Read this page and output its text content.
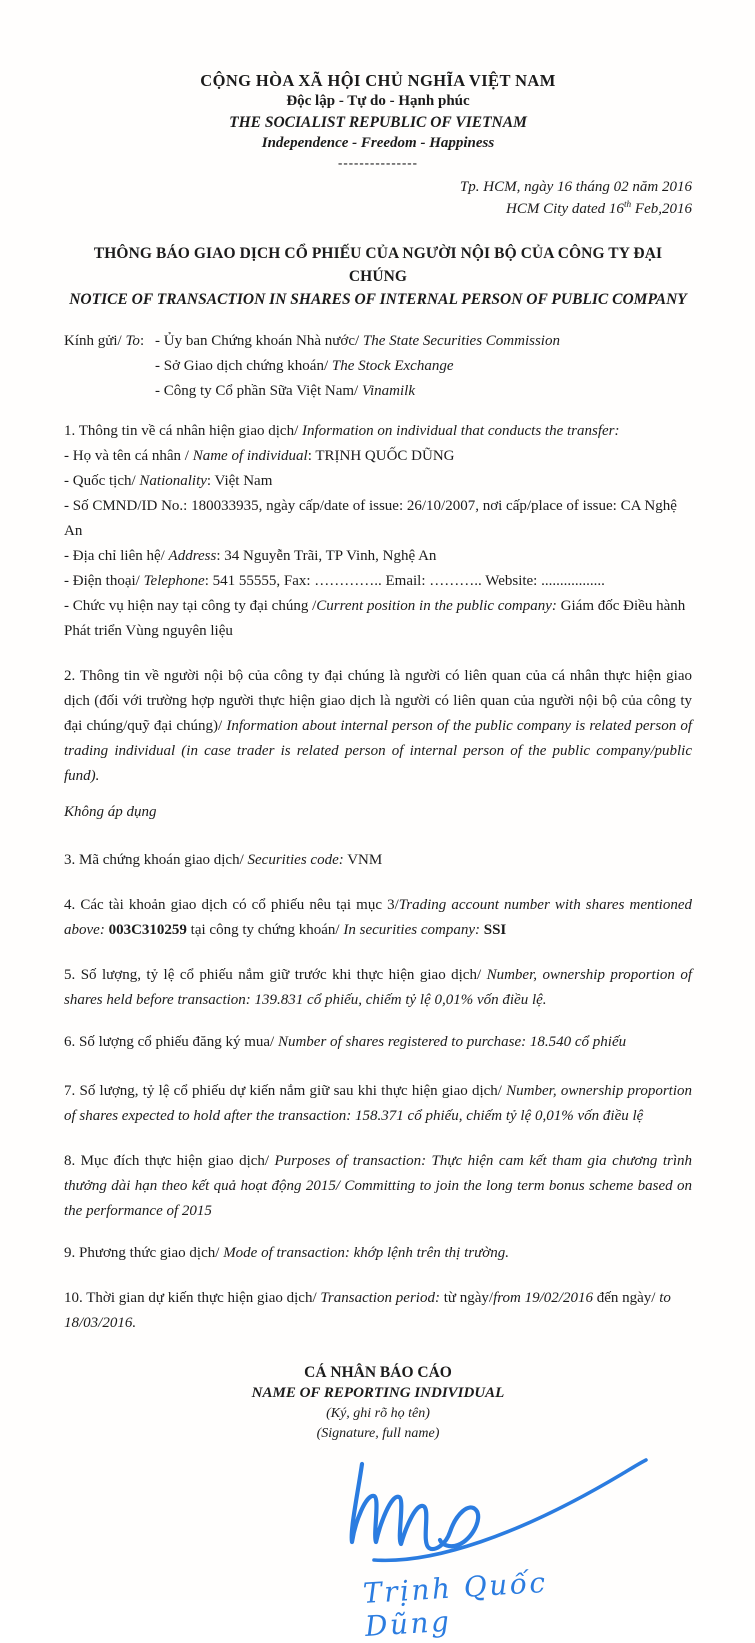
CỘNG HÒA XÃ HỘI CHỦ NGHĨA VIỆT NAM
Độc lập - Tự do - Hạnh phúc
THE SOCIALIST REPUBLIC OF VIETNAM
Independence - Freedom - Happiness
---------------
Tp. HCM, ngày 16 tháng 02 năm 2016
HCM City dated 16th Feb,2016
THÔNG BÁO GIAO DỊCH CỔ PHIẾU CỦA NGƯỜI NỘI BỘ CỦA CÔNG TY ĐẠI CHÚNG
NOTICE OF TRANSACTION IN SHARES OF INTERNAL PERSON OF PUBLIC COMPANY
Kính gửi/ To: - Ủy ban Chứng khoán Nhà nước/ The State Securities Commission
- Sở Giao dịch chứng khoán/ The Stock Exchange
- Công ty Cổ phần Sữa Việt Nam/ Vinamilk
1. Thông tin về cá nhân hiện giao dịch/ Information on individual that conducts the transfer:
- Họ và tên cá nhân / Name of individual: TRỊNH QUỐC DŨNG
- Quốc tịch/ Nationality: Việt Nam
- Số CMND/ID No.: 180033935, ngày cấp/date of issue: 26/10/2007, nơi cấp/place of issue: CA Nghệ An
- Địa chỉ liên hệ/ Address: 34 Nguyễn Trãi, TP Vinh, Nghệ An
- Điện thoại/ Telephone: 541 55555, Fax: ………….. Email: ……….. Website: .................
- Chức vụ hiện nay tại công ty đại chúng /Current position in the public company: Giám đốc Điều hành Phát triển Vùng nguyên liệu
2. Thông tin về người nội bộ của công ty đại chúng là người có liên quan của cá nhân thực hiện giao dịch (đối với trường hợp người thực hiện giao dịch là người có liên quan của người nội bộ của công ty đại chúng/quỹ đại chúng)/ Information about internal person of the public company is related person of trading individual (in case trader is related person of internal person of the public company/public fund).
Không áp dụng
3. Mã chứng khoán giao dịch/ Securities code: VNM
4. Các tài khoản giao dịch có cổ phiếu nêu tại mục 3/Trading account number with shares mentioned above: 003C310259 tại công ty chứng khoán/ In securities company: SSI
5. Số lượng, tỷ lệ cổ phiếu nắm giữ trước khi thực hiện giao dịch/ Number, ownership proportion of shares held before transaction: 139.831 cổ phiếu, chiếm tỷ lệ 0,01% vốn điều lệ.
6. Số lượng cổ phiếu đăng ký mua/ Number of shares registered to purchase: 18.540 cổ phiếu
7. Số lượng, tỷ lệ cổ phiếu dự kiến nắm giữ sau khi thực hiện giao dịch/ Number, ownership proportion of shares expected to hold after the transaction: 158.371 cổ phiếu, chiếm tỷ lệ 0,01% vốn điều lệ
8. Mục đích thực hiện giao dịch/ Purposes of transaction: Thực hiện cam kết tham gia chương trình thưởng dài hạn theo kết quả hoạt động 2015/ Committing to join the long term bonus scheme based on the performance of 2015
9. Phương thức giao dịch/ Mode of transaction: khớp lệnh trên thị trường.
10. Thời gian dự kiến thực hiện giao dịch/ Transaction period: từ ngày/from 19/02/2016 đến ngày/ to 18/03/2016.
CÁ NHÂN BÁO CÁO
NAME OF REPORTING INDIVIDUAL
(Ký, ghi rõ họ tên)
(Signature, full name)
Trịnh Quốc Dũng
